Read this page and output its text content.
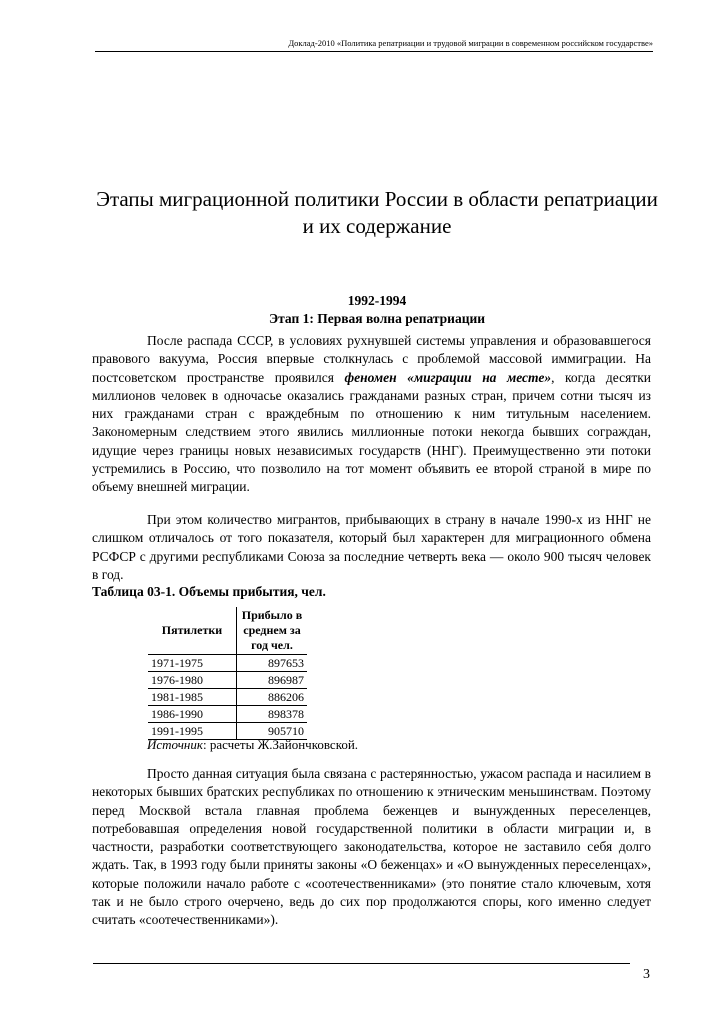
Доклад-2010 «Политика репатриации и трудовой миграции в современном российском государстве»
Этапы миграционной политики России в области репатриации
и их содержание
1992-1994
Этап 1: Первая волна репатриации

После распада СССР, в условиях рухнувшей системы управления и образовавшегося правового вакуума, Россия впервые столкнулась с проблемой массовой иммиграции. На постсоветском пространстве проявился феномен «миграции на месте», когда десятки миллионов человек в одночасье оказались гражданами разных стран, причем сотни тысяч из них гражданами стран с враждебным по отношению к ним титульным населением. Закономерным следствием этого явились миллионные потоки некогда бывших сограждан, идущие через границы новых независимых государств (ННГ). Преимущественно эти потоки устремились в Россию, что позволило на тот момент объявить ее второй страной в мире по объему внешней миграции.

При этом количество мигрантов, прибывающих в страну в начале 1990-х из ННГ не слишком отличалось от того показателя, который был характерен для миграционного обмена РСФСР с другими республиками Союза за последние четверть века — около 900 тысяч человек в год.

Таблица 03-1. Объемы прибытия, чел.
Пятилетки	Прибыло в среднем за год чел.
1971-1975	897653
1976-1980	896987
1981-1985	886206
1986-1990	898378
1991-1995	905710
Источник: расчеты Ж.Зайончковской.

Просто данная ситуация была связана с растерянностью, ужасом распада и насилием в некоторых бывших братских республиках по отношению к этническим меньшинствам. Поэтому перед Москвой встала главная проблема беженцев и вынужденных переселенцев, потребовавшая определения новой государственной политики в области миграции и, в частности, разработки соответствующего законодательства, которое не заставило себя долго ждать. Так, в 1993 году были приняты законы «О беженцах» и «О вынужденных переселенцах», которые положили начало работе с «соотечественниками» (это понятие стало ключевым, хотя так и не было строго очерчено, ведь до сих пор продолжаются споры, кого именно следует считать «соотечественниками»).

3
